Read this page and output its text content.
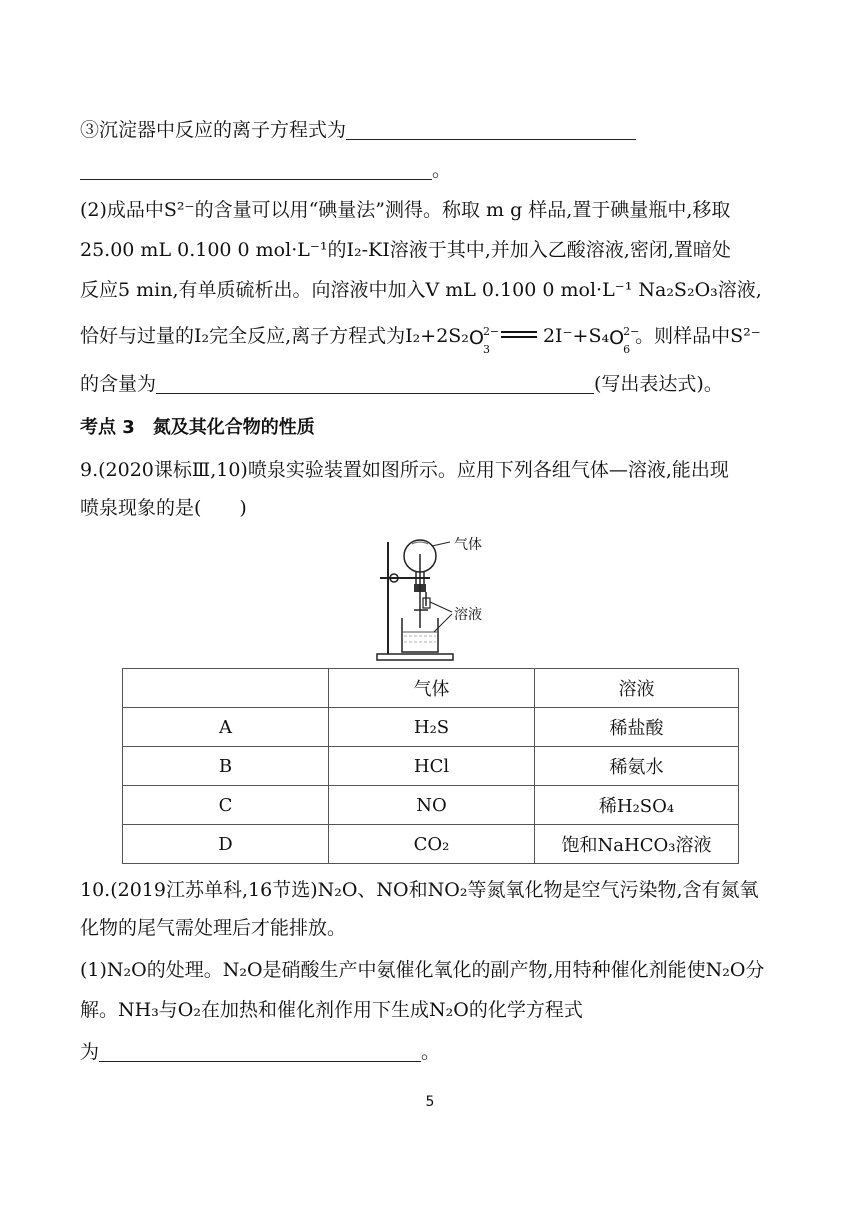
③沉淀器中反应的离子方程式为
。
(2)成品中S²⁻的含量可以用“碘量法”测得。称取 m g 样品,置于碘量瓶中,移取
25.00 mL 0.100 0 mol·L⁻¹的I₂-KI溶液于其中,并加入乙酸溶液,密闭,置暗处
反应5 min,有单质硫析出。向溶液中加入V mL 0.100 0 mol·L⁻¹ Na₂S₂O₃溶液,
恰好与过量的I₂完全反应,离子方程式为I₂+2S₂ O 2−
3
2I⁻+S₄ O 2−
6
。则样品中S²⁻
的含量为	(写出表达式)。
考点 3　氮及其化合物的性质
9.(2020课标Ⅲ,10)喷泉实验装置如图所示。应用下列各组气体—溶液,能出现
喷泉现象的是(　　)
气体
溶液
	气体	溶液
A	H₂S	稀盐酸
B	HCl	稀氨水
C	NO	稀H₂SO₄
D	CO₂	饱和NaHCO₃溶液
10.(2019江苏单科,16节选)N₂O、NO和NO₂等氮氧化物是空气污染物,含有氮氧
化物的尾气需处理后才能排放。
(1)N₂O的处理。N₂O是硝酸生产中氨催化氧化的副产物,用特种催化剂能使N₂O分
解。NH₃与O₂在加热和催化剂作用下生成N₂O的化学方程式
为	。
5
